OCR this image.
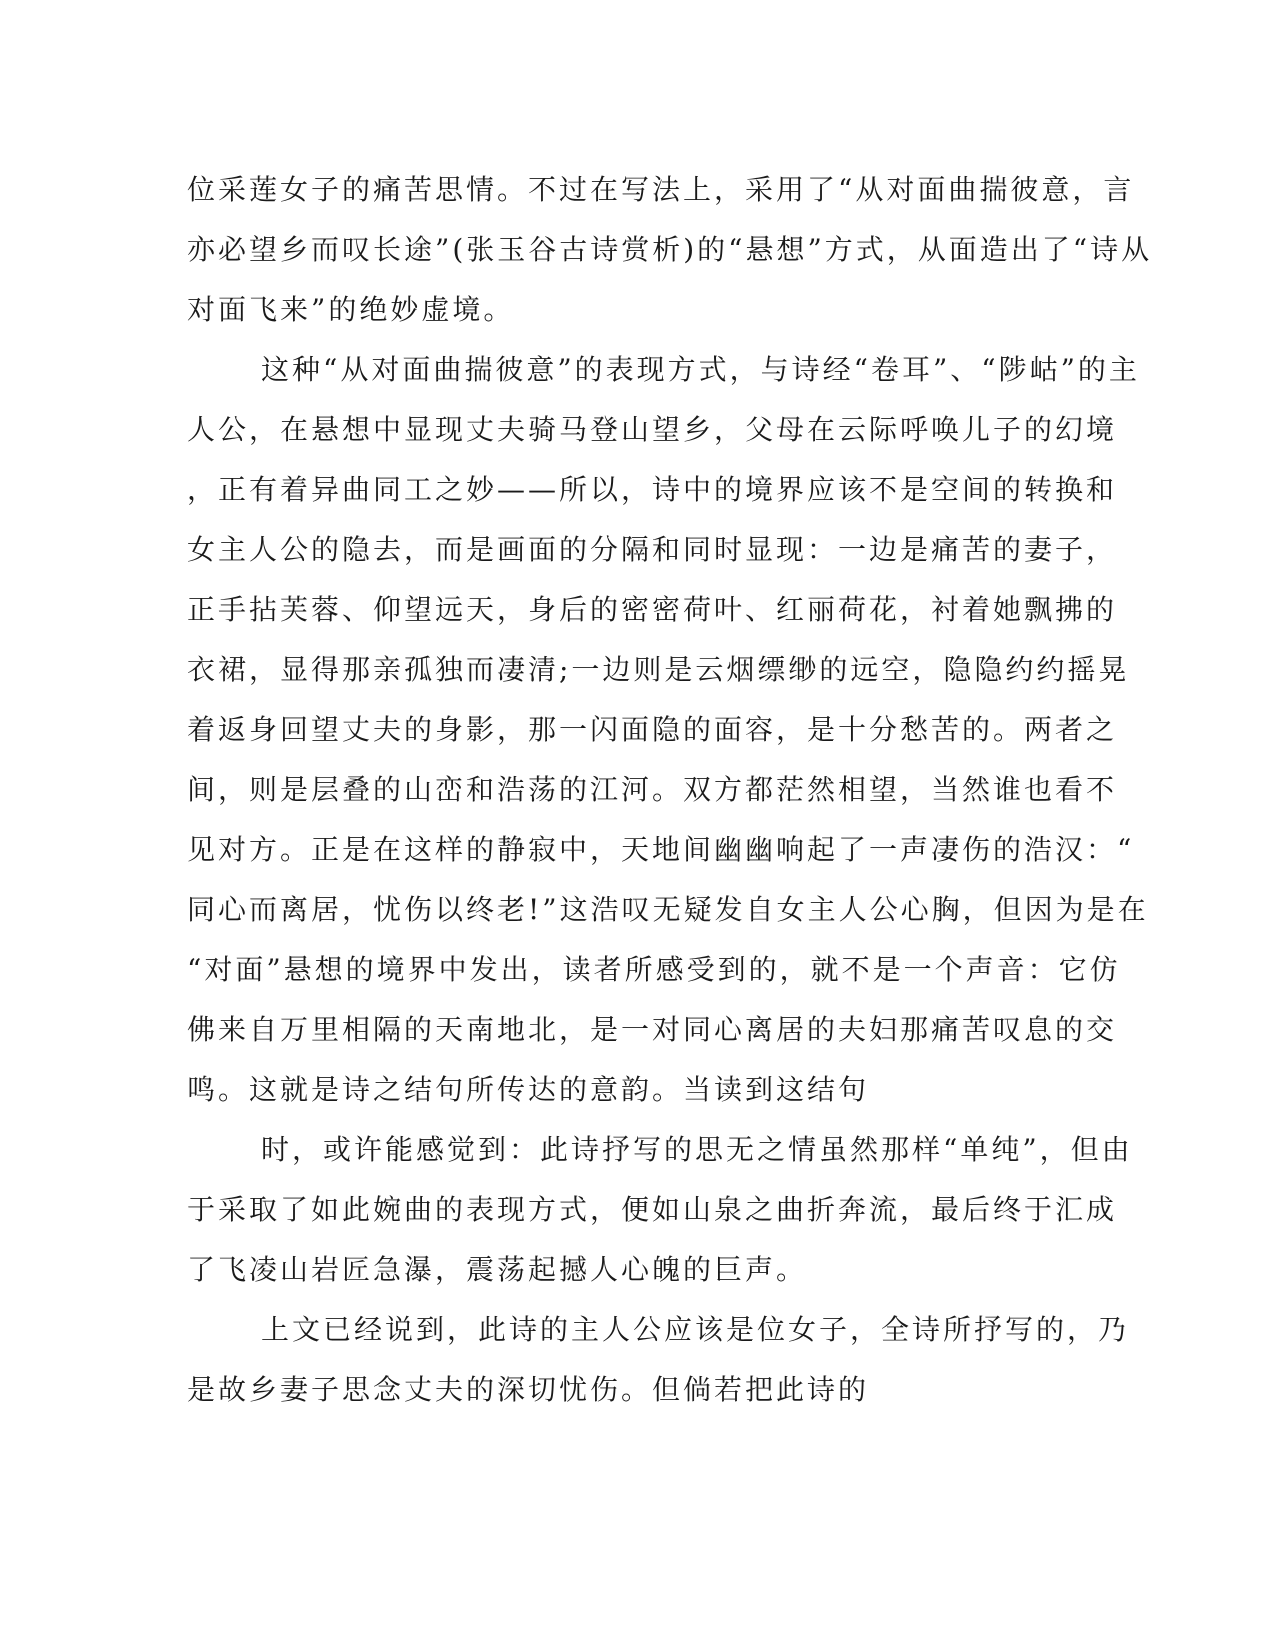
位采莲女子的痛苦思情。不过在写法上，采用了“从对面曲揣彼意，言
亦必望乡而叹长途”(张玉谷古诗赏析)的“悬想”方式，从面造出了“诗从
对面飞来”的绝妙虚境。
这种“从对面曲揣彼意”的表现方式，与诗经“卷耳”、“陟岵”的主
人公，在悬想中显现丈夫骑马登山望乡，父母在云际呼唤儿子的幻境
，正有着异曲同工之妙——所以，诗中的境界应该不是空间的转换和
女主人公的隐去，而是画面的分隔和同时显现：一边是痛苦的妻子，
正手拈芙蓉、仰望远天，身后的密密荷叶、红丽荷花，衬着她飘拂的
衣裙，显得那亲孤独而凄清;一边则是云烟缥缈的远空，隐隐约约摇晃
着返身回望丈夫的身影，那一闪面隐的面容，是十分愁苦的。两者之
间，则是层叠的山峦和浩荡的江河。双方都茫然相望，当然谁也看不
见对方。正是在这样的静寂中，天地间幽幽响起了一声凄伤的浩汉：“
同心而离居，忧伤以终老!”这浩叹无疑发自女主人公心胸，但因为是在
“对面”悬想的境界中发出，读者所感受到的，就不是一个声音：它仿
佛来自万里相隔的天南地北，是一对同心离居的夫妇那痛苦叹息的交
鸣。这就是诗之结句所传达的意韵。当读到这结句
时，或许能感觉到：此诗抒写的思无之情虽然那样“单纯”，但由
于采取了如此婉曲的表现方式，便如山泉之曲折奔流，最后终于汇成
了飞凌山岩匠急瀑，震荡起撼人心魄的巨声。
上文已经说到，此诗的主人公应该是位女子，全诗所抒写的，乃
是故乡妻子思念丈夫的深切忧伤。但倘若把此诗的
